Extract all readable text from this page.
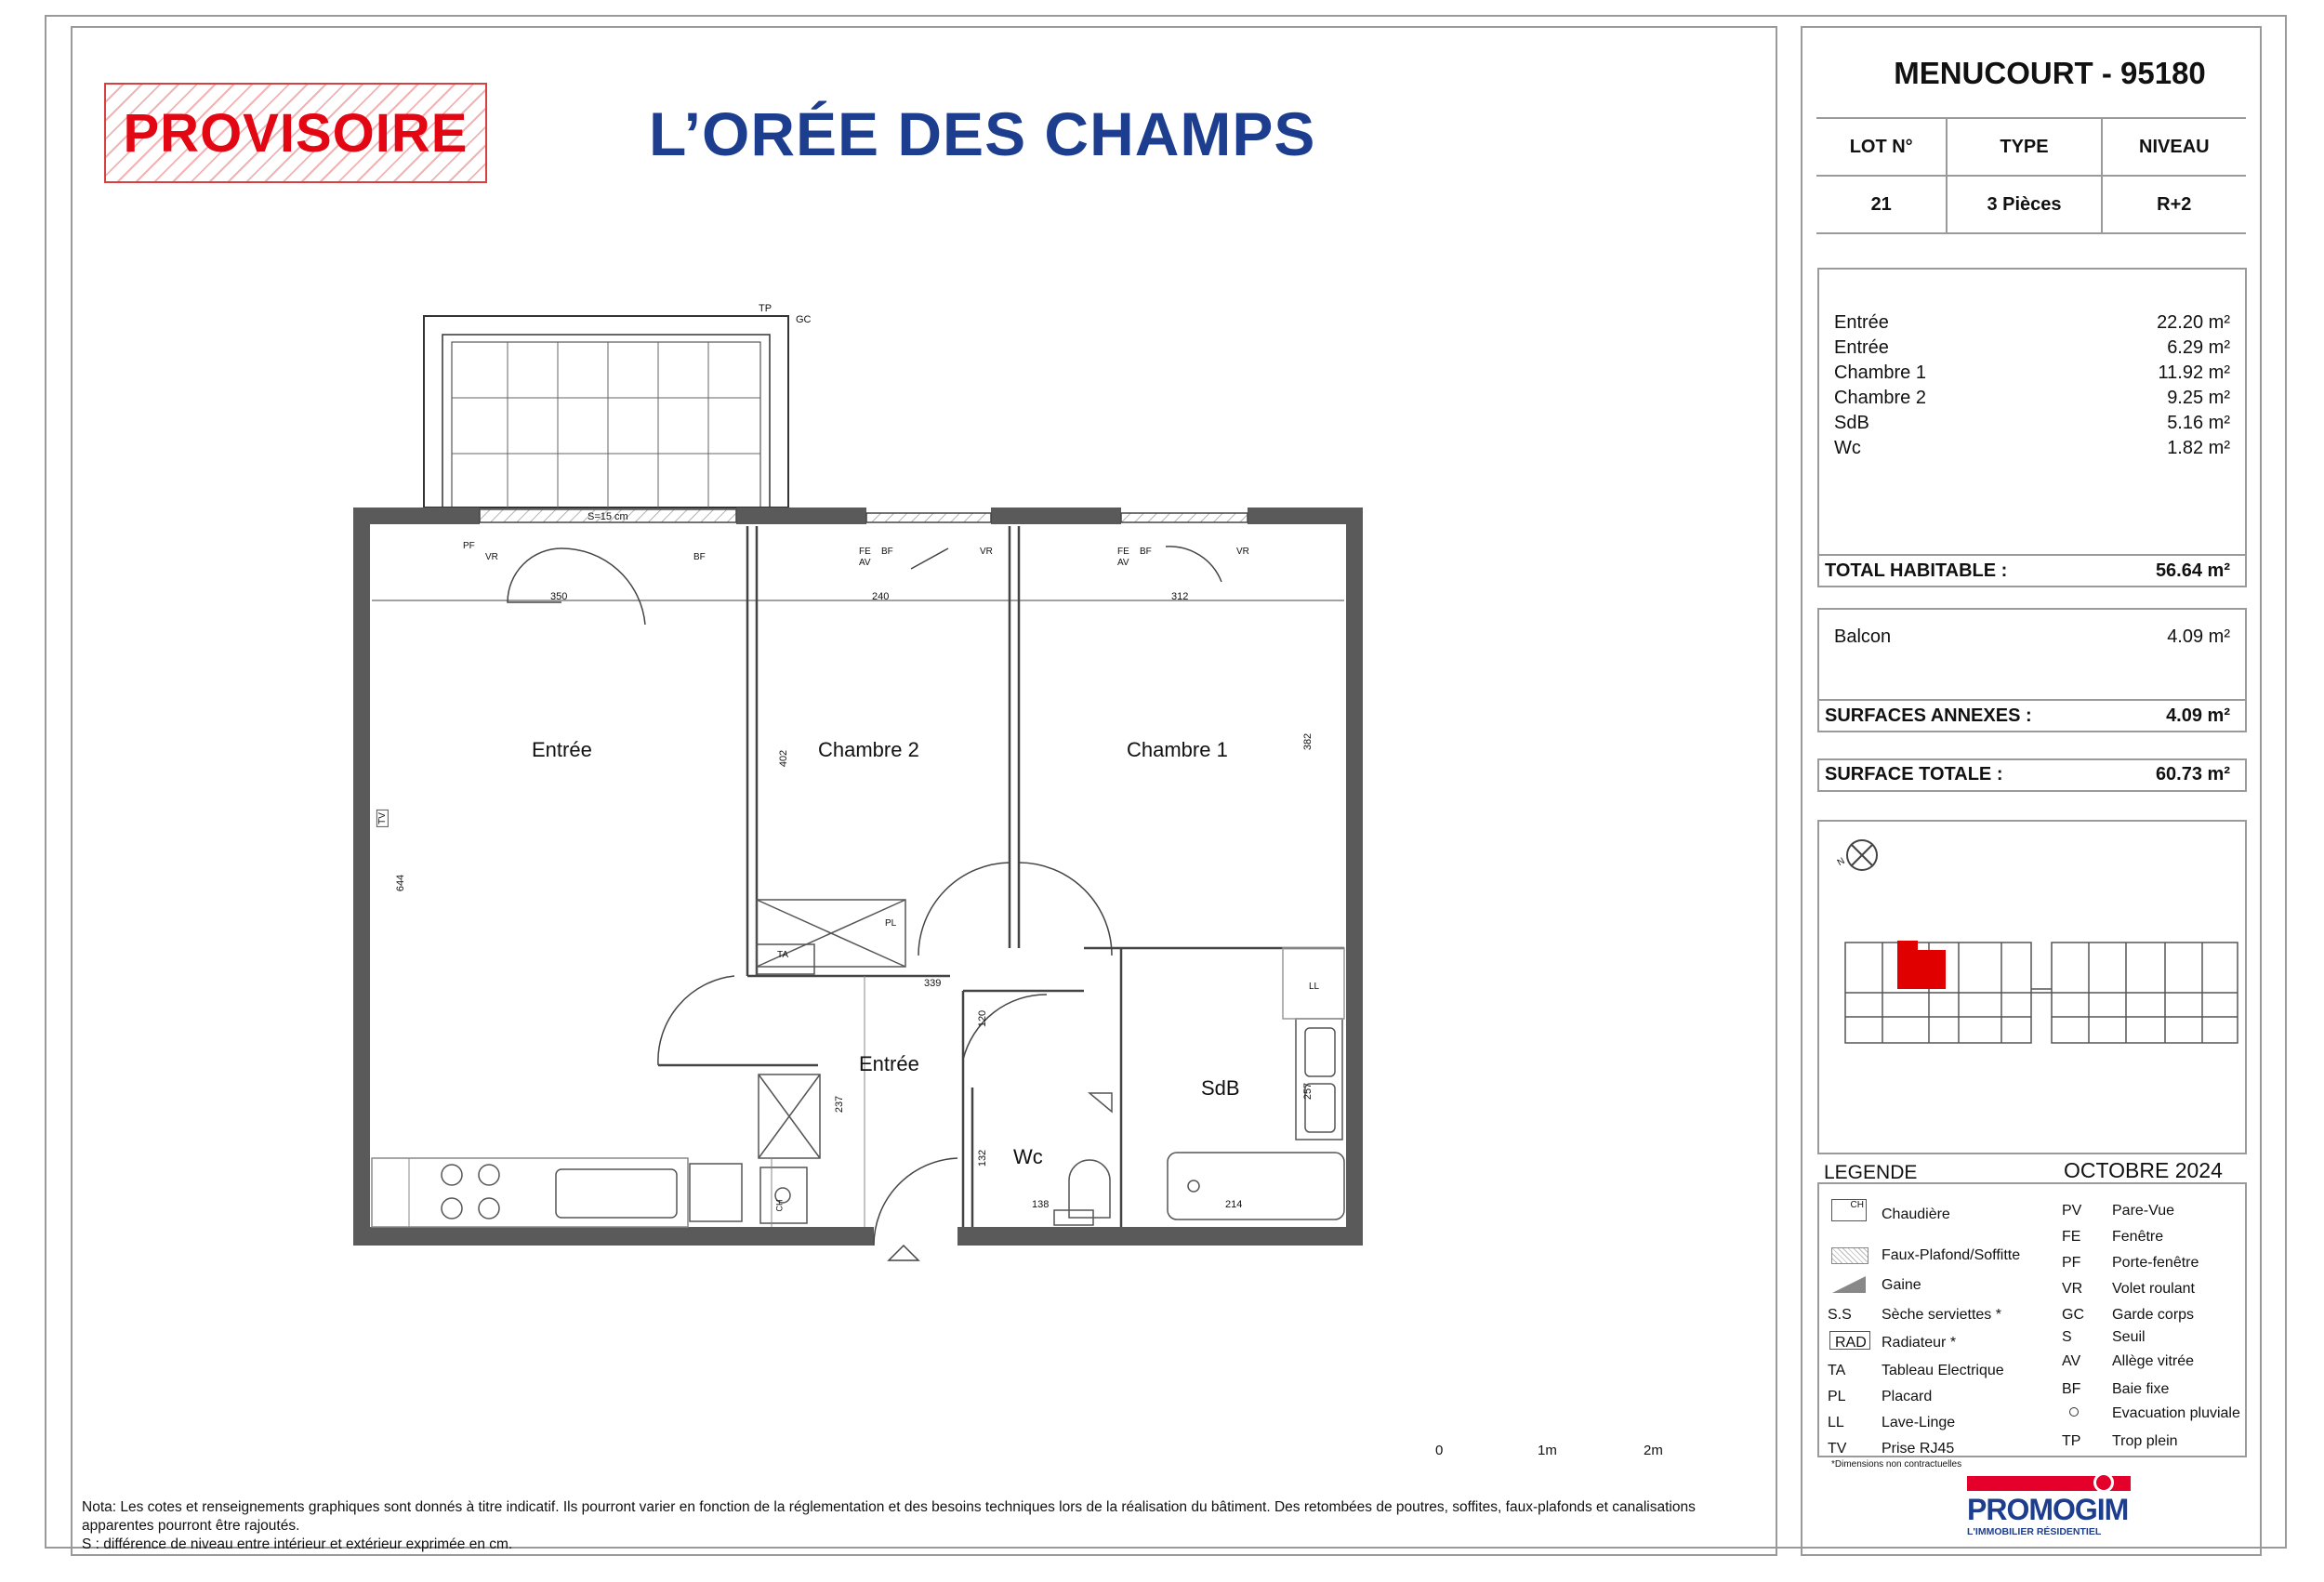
PROVISOIRE	L’ORÉE DES CHAMPS
Entrée	Chambre 2	Chambre 1
Entrée
SdB
Wc
350	240	312
402
382
644
339
120
237
257
132
138	214
TP
GC
S=15 cm
PF
VR	BF
FE
AV
BF	VR	FE
AV
BF	VR
TV
PL
TA
LL
CH
0	1m	2m
Nota: Les cotes et renseignements graphiques sont donnés à titre indicatif. Ils pourront varier en fonction de la réglementation et des besoins techniques lors de la réalisation du bâtiment. Des retombées de poutres, soffites, faux-plafonds et canalisations apparentes pourront être rajoutés.
S : différence de niveau entre intérieur et extérieur exprimée en cm.
MENUCOURT - 95180
LOT N°	TYPE	NIVEAU
21	3 Pièces	R+2
Entrée	22.20 m²
Entrée	6.29 m²
Chambre 1	11.92 m²
Chambre 2	9.25 m²
SdB	5.16 m²
Wc	1.82 m²
TOTAL HABITABLE :	56.64 m²
Balcon	4.09 m²
SURFACES ANNEXES :	4.09 m²
SURFACE TOTALE :	60.73 m²
N
LEGENDE	OCTOBRE 2024
CH
Chaudière
Faux-Plafond/Soffitte
Gaine
S.S Sèche serviettes *
RAD Radiateur *
TA Tableau Electrique
PL Placard
LL	Lave-Linge
TV Prise RJ45
PV Pare-Vue
FE Fenêtre
PF Porte-fenêtre
VR Volet roulant
GC Garde corps
S	Seuil
AV Allège vitrée
BF Baie fixe
Evacuation pluviale
TP Trop plein
*Dimensions non contractuelles
PROMOGIM
L'IMMOBILIER RÉSIDENTIEL
